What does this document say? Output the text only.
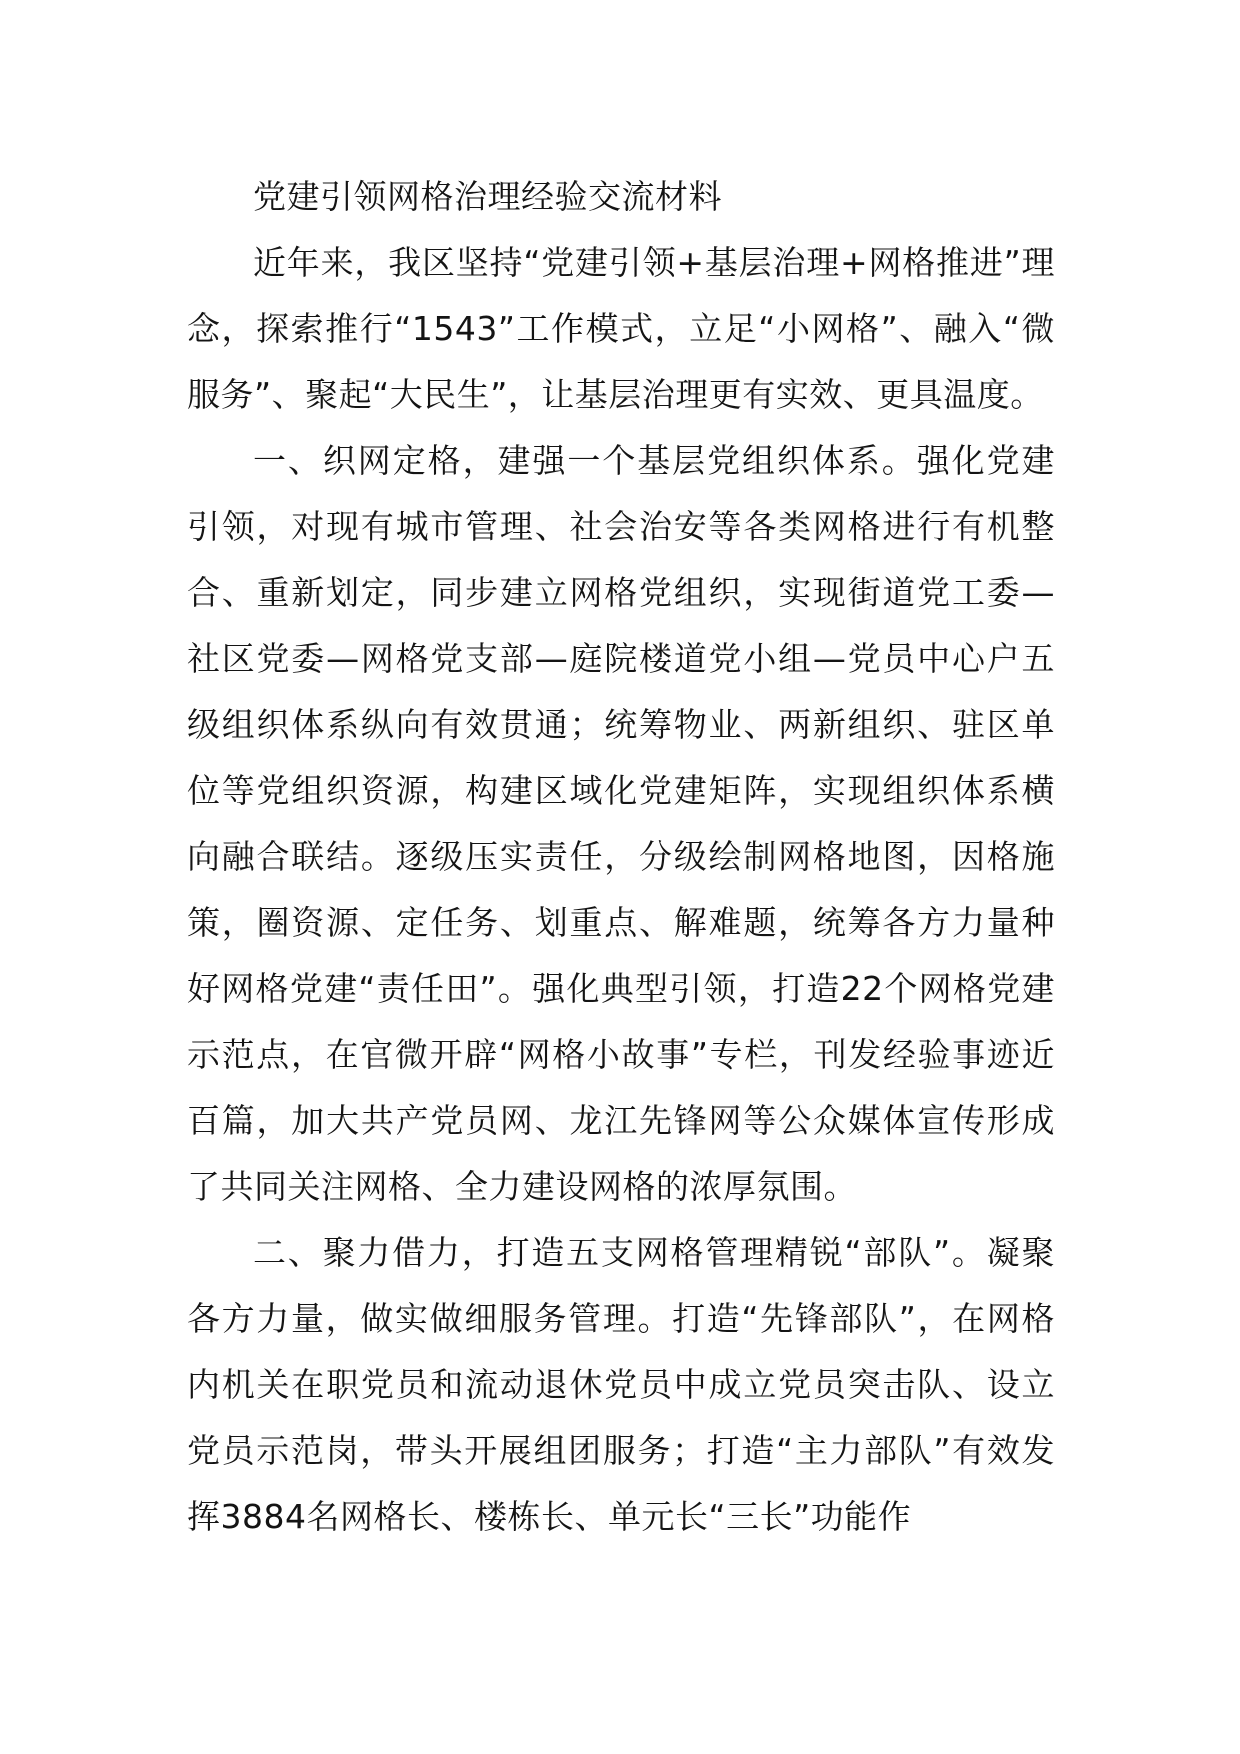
党建引领网格治理经验交流材料

近年来，我区坚持“党建引领+基层治理+网格推进”理念，探索推行“1543”工作模式，立足“小网格”、融入“微服务”、聚起“大民生”，让基层治理更有实效、更具温度。

一、织网定格，建强一个基层党组织体系。强化党建引领，对现有城市管理、社会治安等各类网格进行有机整合、重新划定，同步建立网格党组织，实现街道党工委—社区党委—网格党支部—庭院楼道党小组—党员中心户五级组织体系纵向有效贯通；统筹物业、两新组织、驻区单位等党组织资源，构建区域化党建矩阵，实现组织体系横向融合联结。逐级压实责任，分级绘制网格地图，因格施策，圈资源、定任务、划重点、解难题，统筹各方力量种好网格党建“责任田”。强化典型引领，打造22个网格党建示范点，在官微开辟“网格小故事”专栏，刊发经验事迹近百篇，加大共产党员网、龙江先锋网等公众媒体宣传形成了共同关注网格、全力建设网格的浓厚氛围。

二、聚力借力，打造五支网格管理精锐“部队”。凝聚各方力量，做实做细服务管理。打造“先锋部队”，在网格内机关在职党员和流动退休党员中成立党员突击队、设立党员示范岗，带头开展组团服务；打造“主力部队”有效发挥3884名网格长、楼栋长、单元长“三长”功能作
